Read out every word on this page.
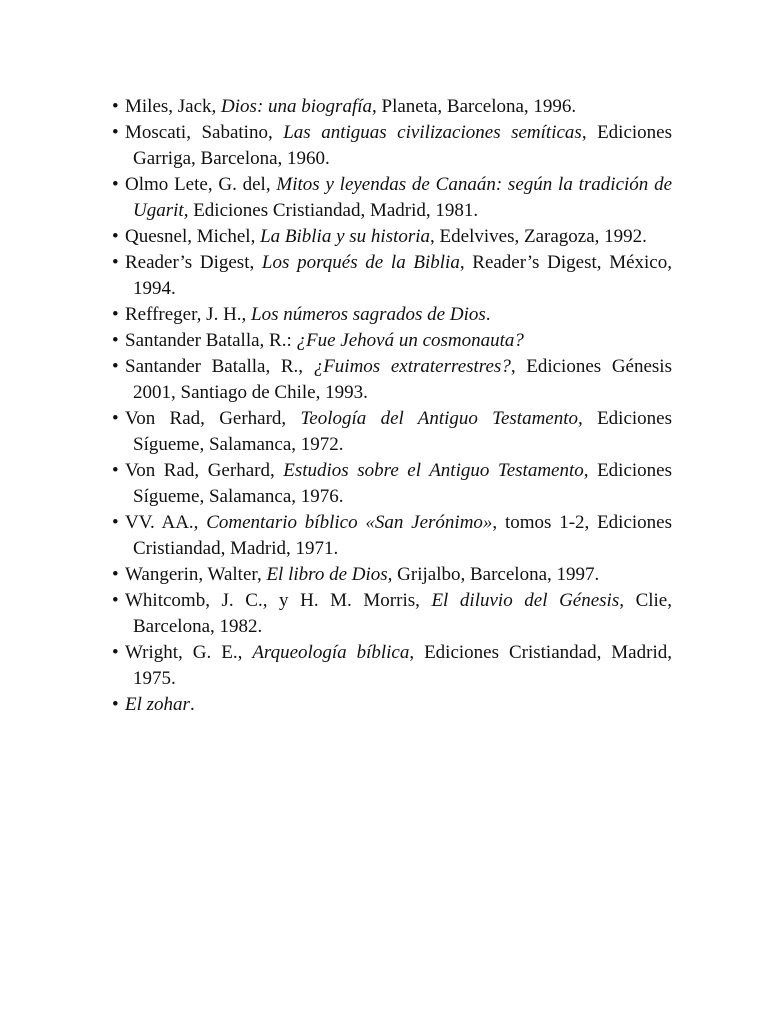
• Miles, Jack, Dios: una biografía, Planeta, Barcelona, 1996.
• Moscati, Sabatino, Las antiguas civilizaciones semíticas, Ediciones Garriga, Barcelona, 1960.
• Olmo Lete, G. del, Mitos y leyendas de Canaán: según la tradición de Ugarit, Ediciones Cristiandad, Madrid, 1981.
• Quesnel, Michel, La Biblia y su historia, Edelvives, Zaragoza, 1992.
• Reader’s Digest, Los porqués de la Biblia, Reader’s Digest, México, 1994.
• Reffreger, J. H., Los números sagrados de Dios.
• Santander Batalla, R.: ¿Fue Jehová un cosmonauta?
• Santander Batalla, R., ¿Fuimos extraterrestres?, Ediciones Génesis 2001, Santiago de Chile, 1993.
• Von Rad, Gerhard, Teología del Antiguo Testamento, Ediciones Sígueme, Salamanca, 1972.
• Von Rad, Gerhard, Estudios sobre el Antiguo Testamento, Ediciones Sígueme, Salamanca, 1976.
• VV. AA., Comentario bíblico «San Jerónimo», tomos 1-2, Ediciones Cristiandad, Madrid, 1971.
• Wangerin, Walter, El libro de Dios, Grijalbo, Barcelona, 1997.
• Whitcomb, J. C., y H. M. Morris, El diluvio del Génesis, Clie, Barcelona, 1982.
• Wright, G. E., Arqueología bíblica, Ediciones Cristiandad, Madrid, 1975.
• El zohar.
